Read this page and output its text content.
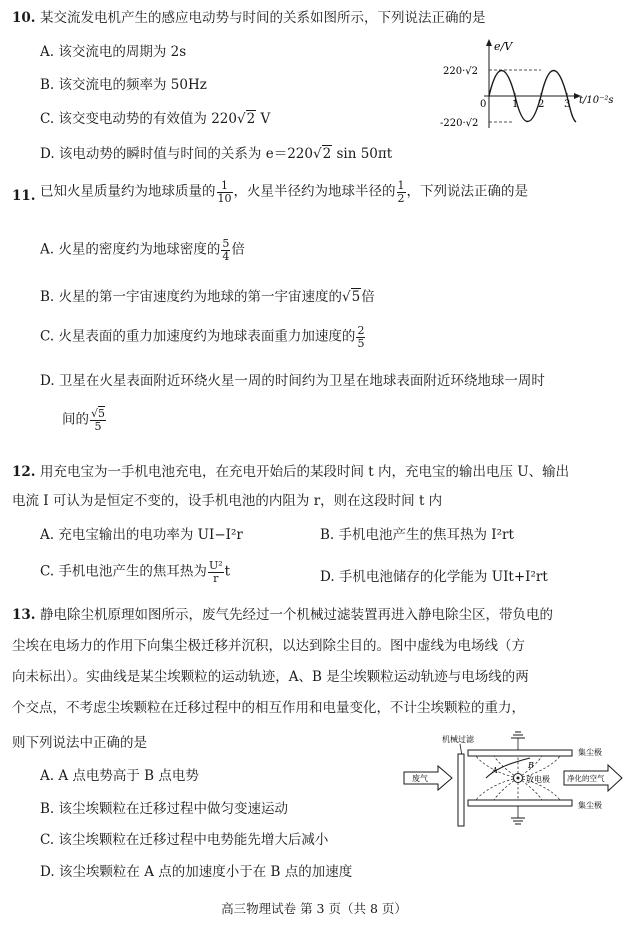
10. 某交流发电机产生的感应电动势与时间的关系如图所示，下列说法正确的是
A. 该交流电的周期为 2s
B. 该交流电的频率为 50Hz
C. 该交变电动势的有效值为 220√2 V
D. 该电动势的瞬时值与时间的关系为 e＝220√2 sin 50πt
e/V
t/10⁻²s
220·√2
-220·√2
0	1 2 3
11. 已知火星质量约为地球质量的 $\frac{1}{10}$ ，火星半径约为地球半径的 $\frac{1}{2}$ ，下列说法正确的是
A. 火星的密度约为地球密度的 $\frac{5}{4}$ 倍
B. 火星的第一宇宙速度约为地球的第一宇宙速度的√5倍
C. 火星表面的重力加速度约为地球表面重力加速度的 $\frac{2}{5}$
D. 卫星在火星表面附近环绕火星一周的时间约为卫星在地球表面附近环绕地球一周时
间的 $\frac{√5}{5}$
12. 用充电宝为一手机电池充电，在充电开始后的某段时间 t 内，充电宝的输出电压 U、输出
电流 I 可认为是恒定不变的，设手机电池的内阻为 r，则在这段时间 t 内
A. 充电宝输出的电功率为 UI−I²r	B. 手机电池产生的焦耳热为 I²rt
C. 手机电池产生的焦耳热为 $\frac{\text{U²}}{r}$ t	D. 手机电池储存的化学能为 UIt+I²rt
13. 静电除尘机原理如图所示，废气先经过一个机械过滤装置再进入静电除尘区，带负电的
尘埃在电场力的作用下向集尘极迁移并沉积，以达到除尘目的。图中虚线为电场线（方
向未标出）。实曲线是某尘埃颗粒的运动轨迹，A、B 是尘埃颗粒运动轨迹与电场线的两
个交点，不考虑尘埃颗粒在迁移过程中的相互作用和电量变化，不计尘埃颗粒的重力，
则下列说法中正确的是
A. A 点电势高于 B 点电势
B. 该尘埃颗粒在迁移过程中做匀变速运动
C. 该尘埃颗粒在迁移过程中电势能先增大后减小
D. 该尘埃颗粒在 A 点的加速度小于在 B 点的加速度
机械过滤
集尘极
集尘极
A
B
放电极
废气	净化的空气
高三物理试卷 第 3 页（共 8 页）
